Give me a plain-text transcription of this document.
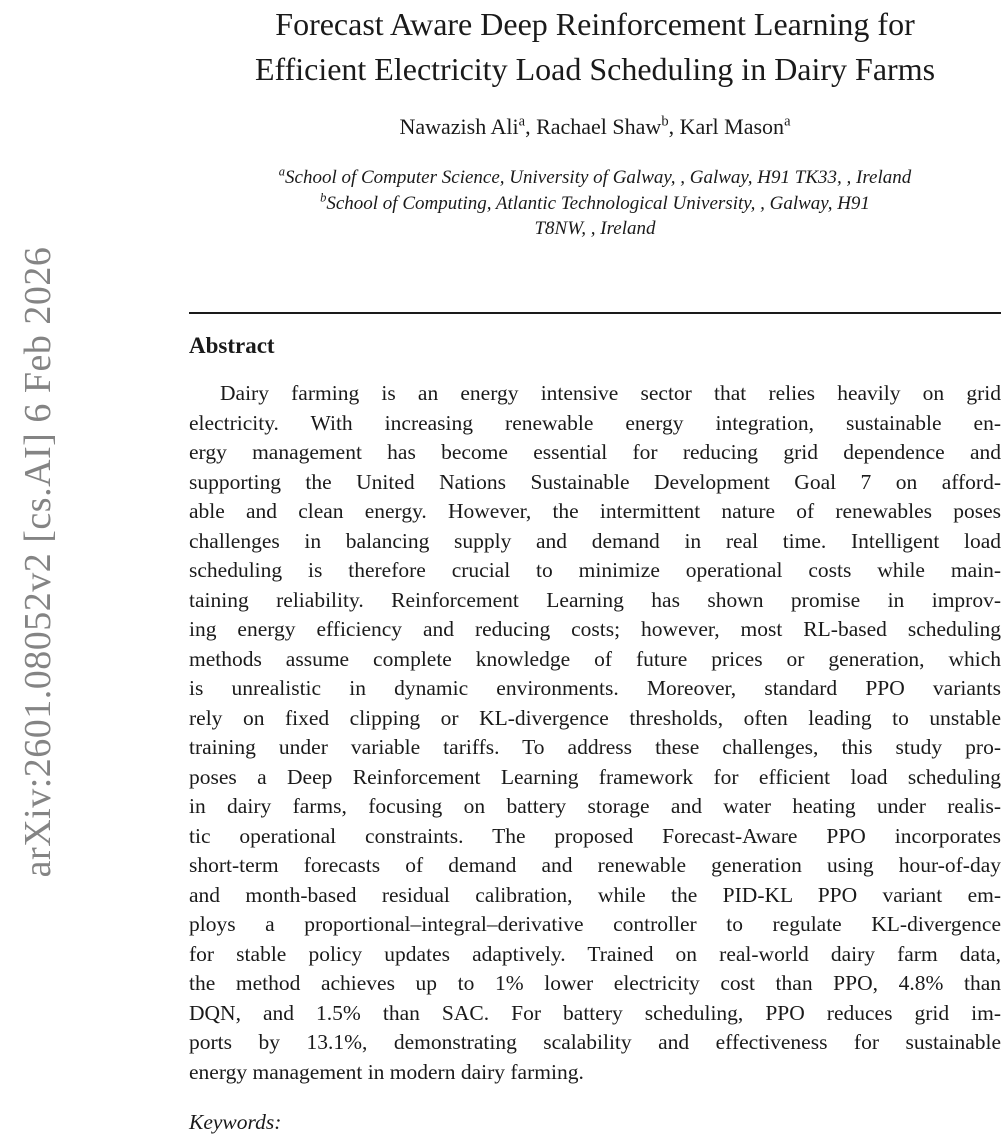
arXiv:2601.08052v2 [cs.AI] 6 Feb 2026
Forecast Aware Deep Reinforcement Learning for
Efficient Electricity Load Scheduling in Dairy Farms
Nawazish Ali$^a$, Rachael Shaw$^b$, Karl Mason$^a$
$^a$School of Computer Science, University of Galway, , Galway, H91 TK33, , Ireland
$^b$School of Computing, Atlantic Technological University, , Galway, H91
T8NW, , Ireland
Abstract
Dairy farming is an energy intensive sector that relies heavily on grid
electricity. With increasing renewable energy integration, sustainable en-
ergy management has become essential for reducing grid dependence and
supporting the United Nations Sustainable Development Goal 7 on afford-
able and clean energy. However, the intermittent nature of renewables poses
challenges in balancing supply and demand in real time. Intelligent load
scheduling is therefore crucial to minimize operational costs while main-
taining reliability. Reinforcement Learning has shown promise in improv-
ing energy efficiency and reducing costs; however, most RL-based scheduling
methods assume complete knowledge of future prices or generation, which
is unrealistic in dynamic environments. Moreover, standard PPO variants
rely on fixed clipping or KL-divergence thresholds, often leading to unstable
training under variable tariffs. To address these challenges, this study pro-
poses a Deep Reinforcement Learning framework for efficient load scheduling
in dairy farms, focusing on battery storage and water heating under realis-
tic operational constraints. The proposed Forecast-Aware PPO incorporates
short-term forecasts of demand and renewable generation using hour-of-day
and month-based residual calibration, while the PID-KL PPO variant em-
ploys a proportional–integral–derivative controller to regulate KL-divergence
for stable policy updates adaptively. Trained on real-world dairy farm data,
the method achieves up to 1% lower electricity cost than PPO, 4.8% than
DQN, and 1.5% than SAC. For battery scheduling, PPO reduces grid im-
ports by 13.1%, demonstrating scalability and effectiveness for sustainable
energy management in modern dairy farming.
Keywords:
